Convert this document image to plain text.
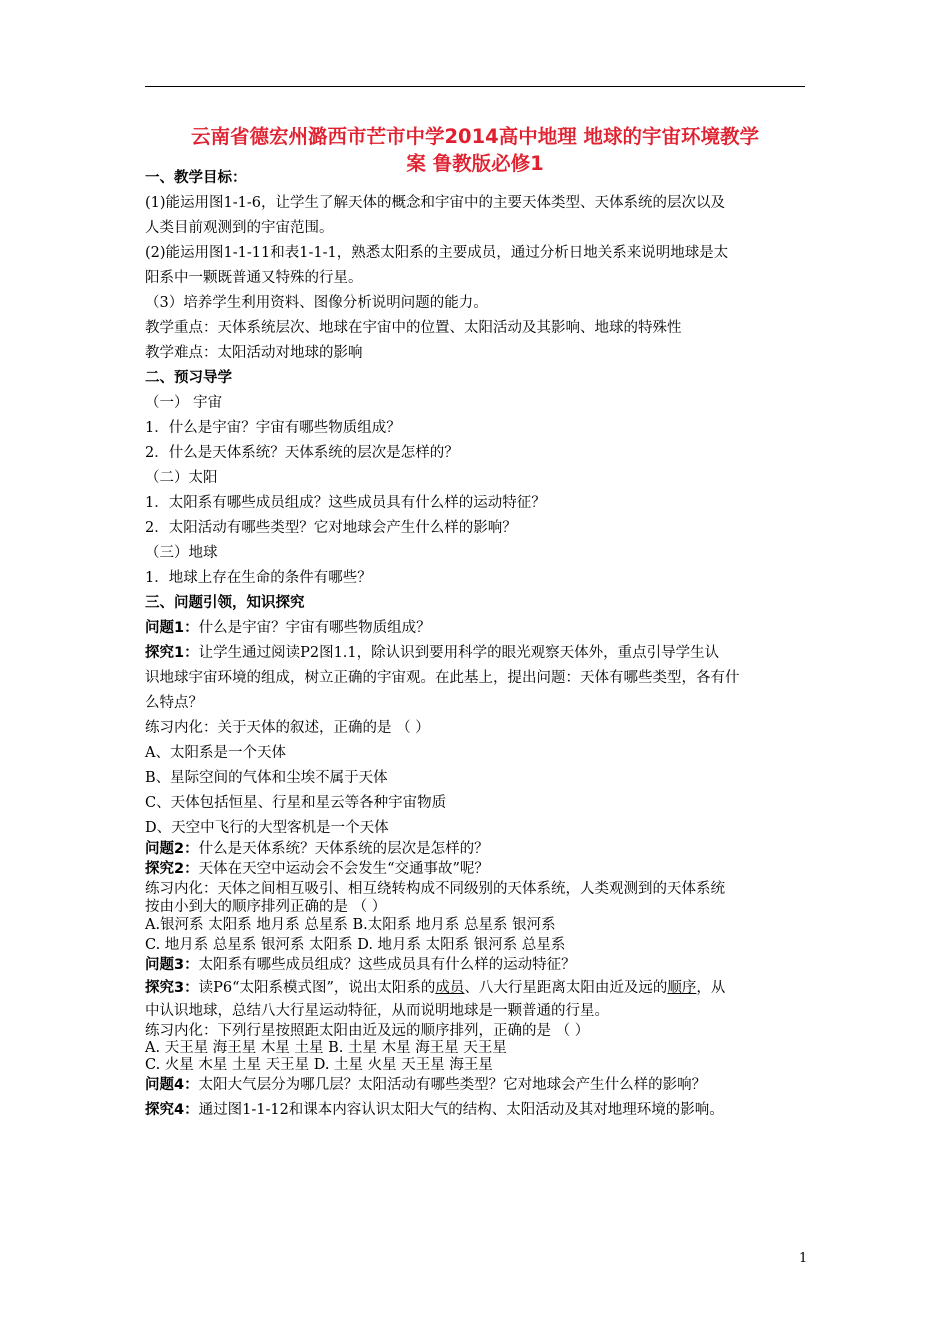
云南省德宏州潞西市芒市中学2014高中地理 地球的宇宙环境教学
案 鲁教版必修1
一、教学目标：
(1)能运用图1-1-6，让学生了解天体的概念和宇宙中的主要天体类型、天体系统的层次以及
人类目前观测到的宇宙范围。
(2)能运用图1-1-11和表1-1-1，熟悉太阳系的主要成员，通过分析日地关系来说明地球是太
阳系中一颗既普通又特殊的行星。
（3）培养学生利用资料、图像分析说明问题的能力。
教学重点：天体系统层次、地球在宇宙中的位置、太阳活动及其影响、地球的特殊性
教学难点：太阳活动对地球的影响
二、预习导学
（一） 宇宙
1．什么是宇宙？宇宙有哪些物质组成？
2．什么是天体系统？天体系统的层次是怎样的？
（二）太阳
1．太阳系有哪些成员组成？这些成员具有什么样的运动特征？
2．太阳活动有哪些类型？它对地球会产生什么样的影响？
（三）地球
1．地球上存在生命的条件有哪些？
三、问题引领，知识探究
问题1：什么是宇宙？宇宙有哪些物质组成？
探究1：让学生通过阅读P2图1.1，除认识到要用科学的眼光观察天体外，重点引导学生认
识地球宇宙环境的组成，树立正确的宇宙观。在此基上，提出问题：天体有哪些类型，各有什
么特点？
练习内化：关于天体的叙述，正确的是 （ ）
A、太阳系是一个天体
B、星际空间的气体和尘埃不属于天体
C、天体包括恒星、行星和星云等各种宇宙物质
D、天空中飞行的大型客机是一个天体
问题2：什么是天体系统？天体系统的层次是怎样的？
探究2：天体在天空中运动会不会发生“交通事故”呢？
练习内化：天体之间相互吸引、相互绕转构成不同级别的天体系统，人类观测到的天体系统
按由小到大的顺序排列正确的是 （ ）
A.银河系 太阳系 地月系 总星系 B.太阳系 地月系 总星系 银河系
C. 地月系 总星系 银河系 太阳系 D. 地月系 太阳系 银河系 总星系
问题3：太阳系有哪些成员组成？这些成员具有什么样的运动特征？
探究3：读P6“太阳系模式图”，说出太阳系的成员、八大行星距离太阳由近及远的顺序，从
中认识地球，总结八大行星运动特征，从而说明地球是一颗普通的行星。
练习内化：下列行星按照距太阳由近及远的顺序排列，正确的是 （ ）
A. 天王星 海王星 木星 土星 B. 土星 木星 海王星 天王星
C. 火星 木星 土星 天王星 D. 土星 火星 天王星 海王星
问题4：太阳大气层分为哪几层？太阳活动有哪些类型？它对地球会产生什么样的影响？
探究4：通过图1-1-12和课本内容认识太阳大气的结构、太阳活动及其对地理环境的影响。
1
